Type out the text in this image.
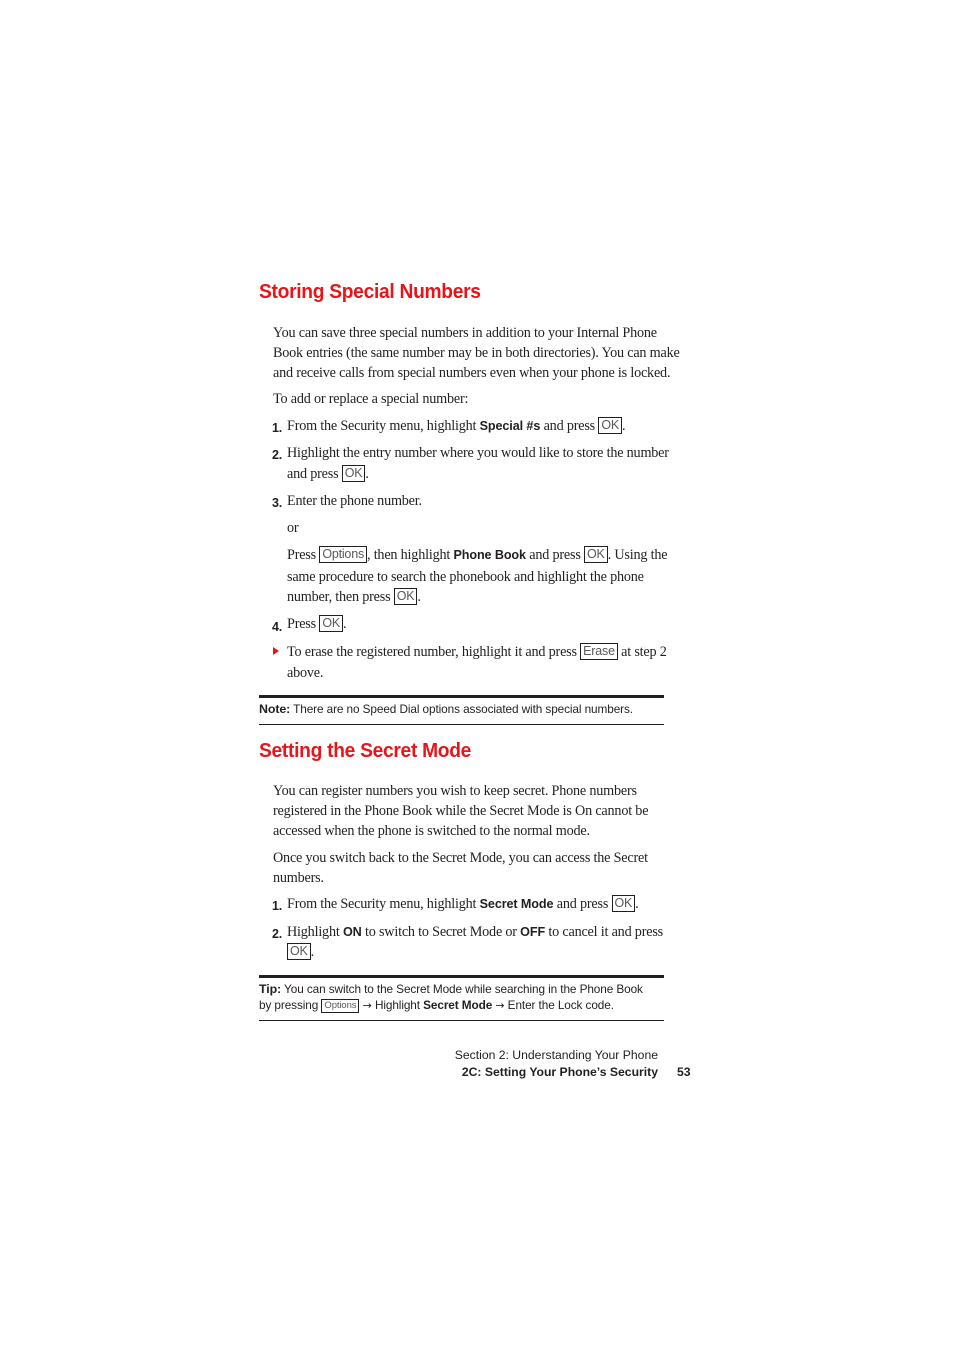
Storing Special Numbers
You can save three special numbers in addition to your Internal Phone
Book entries (the same number may be in both directories). You can make
and receive calls from special numbers even when your phone is locked.
To add or replace a special number:
1. From the Security menu, highlight Special #s and press OK .
2. Highlight the entry number where you would like to store the number
and press OK .
3. Enter the phone number.
or
Press Options , then highlight Phone Book and press OK . Using the
same procedure to search the phonebook and highlight the phone
number, then press OK .
4. Press OK .
To erase the registered number, highlight it and press Erase at step 2
above.
Note: There are no Speed Dial options associated with special numbers.
Setting the Secret Mode
You can register numbers you wish to keep secret. Phone numbers
registered in the Phone Book while the Secret Mode is On cannot be
accessed when the phone is switched to the normal mode.
Once you switch back to the Secret Mode, you can access the Secret
numbers.
1. From the Security menu, highlight Secret Mode and press OK .
2. Highlight ON to switch to Secret Mode or OFF to cancel it and press
OK .
Tip: You can switch to the Secret Mode while searching in the Phone Book
by pressing Options → Highlight Secret Mode → Enter the Lock code.
Section 2: Understanding Your Phone
2C: Setting Your Phone’s Security 53
